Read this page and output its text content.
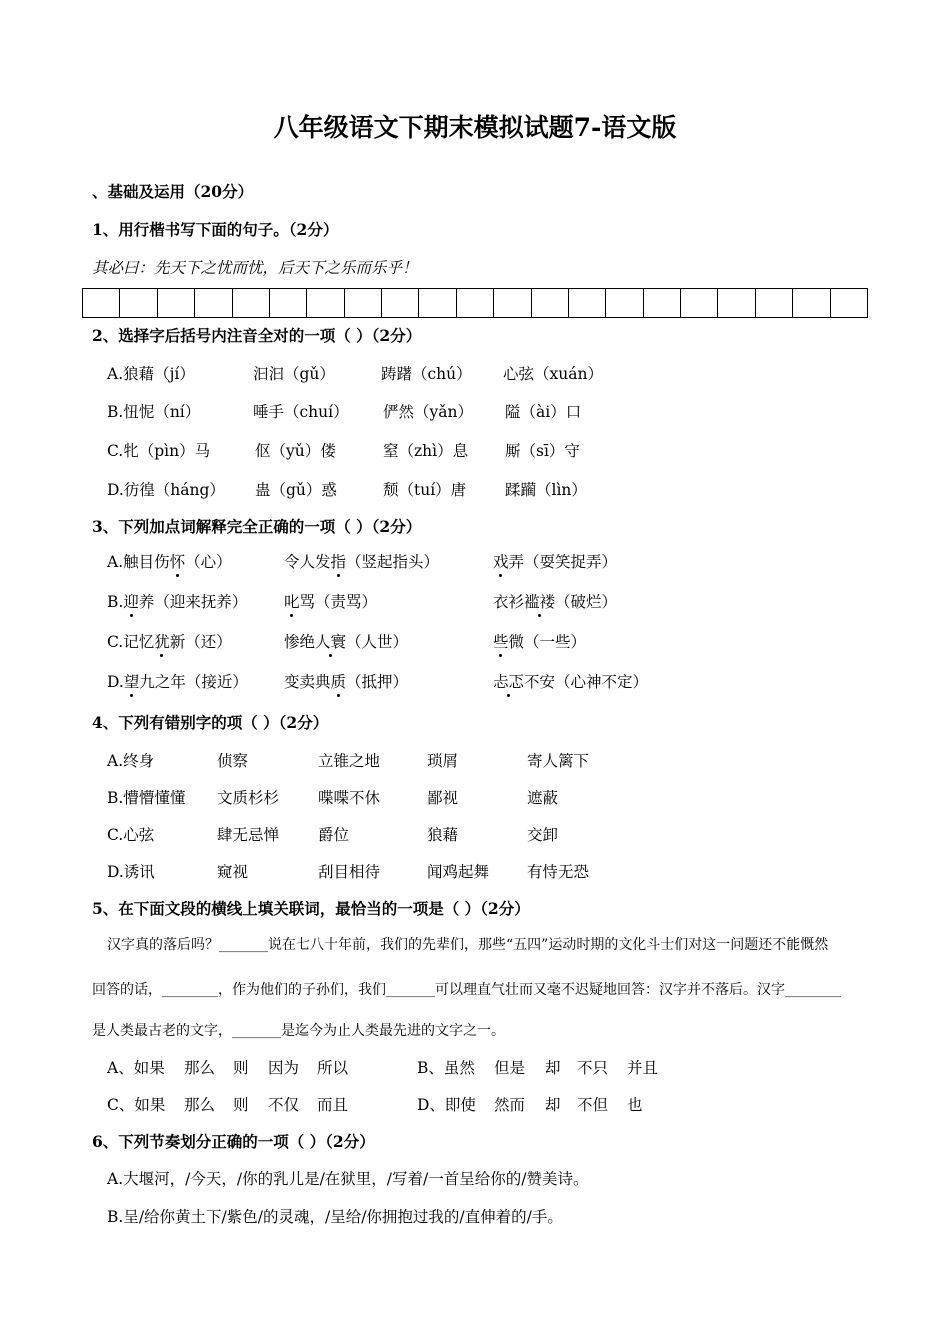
八年级语文下期末模拟试题7-语文版
、基础及运用（20分）
1、用行楷书写下面的句子。（2分）
其必曰：先天下之忧而忧，后天下之乐而乐乎！
2、选择字后括号内注音全对的一项（ ）（2分）
A.狼藉（jí）	汩汩（gǔ）	踌躇（chú） 心弦（xuán）
B.忸怩（ní）	唾手（chuí） 俨然（yǎn） 隘（ài）口
C.牝（pìn）马	伛（yǔ）偻	窒（zhì）息 厮（sī）守
D.彷徨（háng） 蛊（gǔ）惑	颓（tuí）唐	蹂躏（lìn）
3、下列加点词解释完全正确的一项（ ）（2分）
A.触目伤怀（心）	令人发指（竖起指头）	戏弄（耍笑捉弄）
B.迎养（迎来抚养） 叱骂（责骂）	衣衫褴褛（破烂）
C.记忆犹新（还）	惨绝人寰（人世）	些微（一些）
D.望九之年（接近） 变卖典质（抵押）	忐忑不安（心神不定）
4、下列有错别字的项（ ）（2分）
A.终身	侦察	立锥之地	琐屑	寄人篱下
B.懵懵懂懂 文质杉杉	喋喋不休	鄙视	遮蔽
C.心弦	肆无忌惮	爵位	狼藉	交卸
D.诱讯	窥视	刮目相待	闻鸡起舞 有恃无恐
5、在下面文段的横线上填关联词，最恰当的一项是（ ）（2分）
汉字真的落后吗？_______说在七八十年前，我们的先辈们，那些“五四”运动时期的文化斗士们对这一问题还不能慨然
回答的话，________，作为他们的子孙们，我们_______可以理直气壮而又毫不迟疑地回答：汉字并不落后。汉字________
是人类最古老的文字，_______是迄今为止人类最先进的文字之一。
A、如果 那么 则 因为 所以	B、虽然 但是 却 不只 并且
C、如果 那么 则 不仅 而且	D、即使 然而 却 不但 也
6、下列节奏划分正确的一项（ ）（2分）
A.大堰河，/今天，/你的乳儿是/在狱里，/写着/一首呈给你的/赞美诗。
B.呈/给你黄土下/紫色/的灵魂，/呈给/你拥抱过我的/直伸着的/手。
